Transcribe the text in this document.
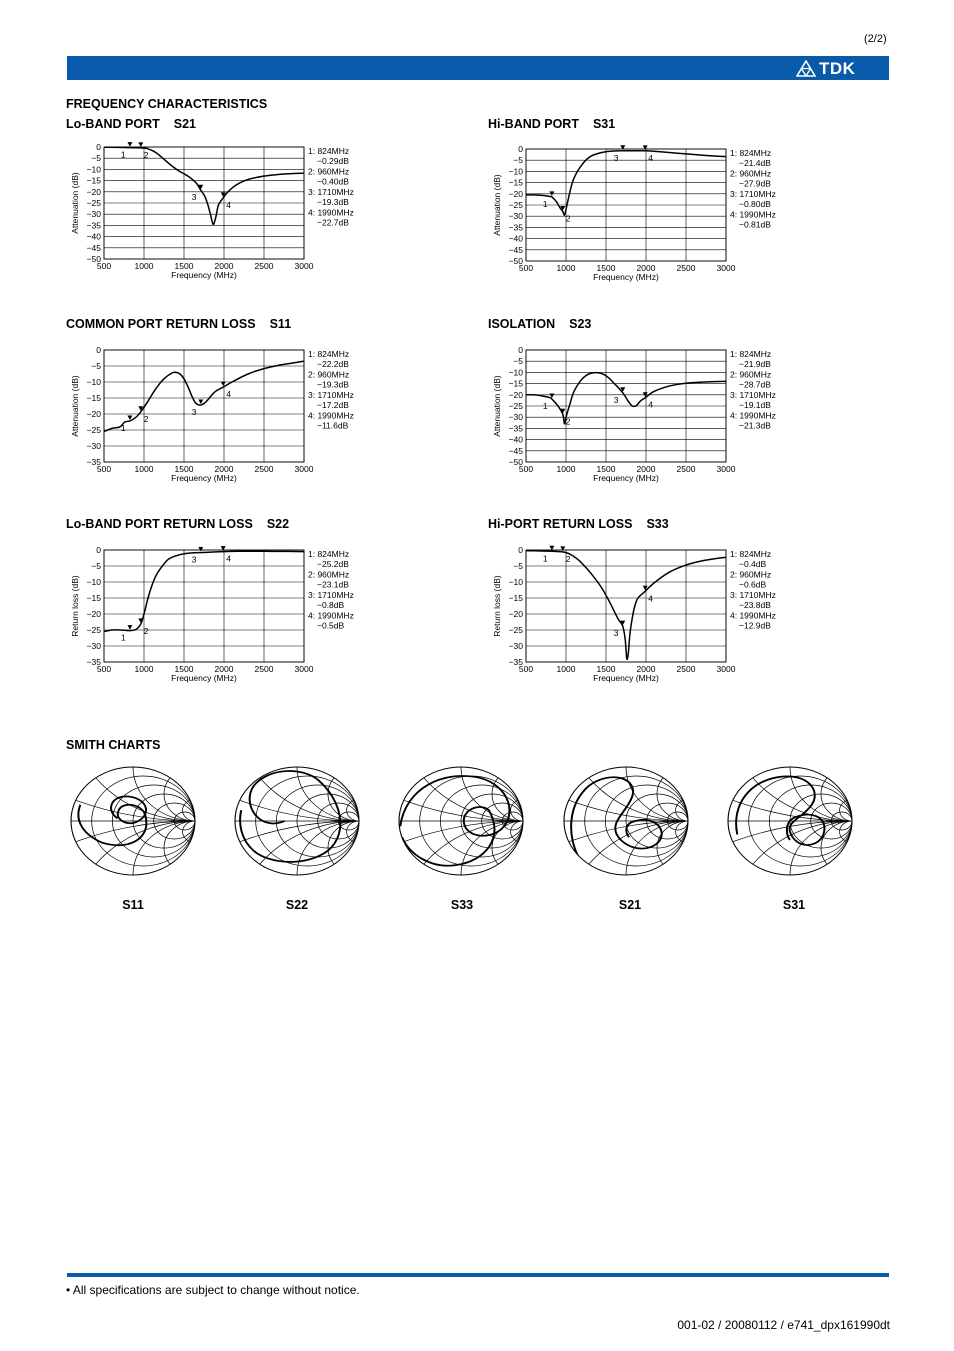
(2/2)
TDK
FREQUENCY CHARACTERISTICS
Lo-BAND PORT S21	Hi-BAND PORT S31
COMMON PORT RETURN LOSS S11	ISOLATION S23
Lo-BAND PORT RETURN LOSS S22	Hi-PORT RETURN LOSS S33
0
−5
−10
−15
−20
−25
−30
−35
−40
−45
−50
500	1000 1500 2000 2500 3000
Frequency (MHz)
Attenuation (dB)
1 2
3
4
1: 824MHz
−0.29dB
2: 960MHz
−0.40dB
3: 1710MHz
−19.3dB
4: 1990MHz
−22.7dB
0
−5
−10
−15
−20
−25
−30
−35
−40
−45
−50
500	1000 1500 2000 2500 3000
Frequency (MHz)
Attenuation (dB)	1
2
3	4	1: 824MHz
−21.4dB
2: 960MHz
−27.9dB
3: 1710MHz
−0.80dB
4: 1990MHz
−0.81dB
0
−5
−10
−15
−20
−25
−30
−35
500	1000 1500 2000 2500 3000
Frequency (MHz)
Attenuation (dB)	1
2
3
4
1: 824MHz
−22.2dB
2: 960MHz
−19.3dB
3: 1710MHz
−17.2dB
4: 1990MHz
−11.6dB
0
−5
−10
−15
−20
−25
−30
−35
−40
−45
−50
500	1000 1500 2000 2500 3000
Frequency (MHz)
Attenuation (dB)	1
2
3	4
1: 824MHz
−21.9dB
2: 960MHz
−28.7dB
3: 1710MHz
−19.1dB
4: 1990MHz
−21.3dB
0
−5
−10
−15
−20
−25
−30
−35
500	1000 1500 2000 2500 3000
Frequency (MHz)
Return loss (dB)
1
2
3	4	1: 824MHz
−25.2dB
2: 960MHz
−23.1dB
3: 1710MHz
−0.8dB
4: 1990MHz
−0.5dB
0
−5
−10
−15
−20
−25
−30
−35
500	1000 1500 2000 2500 3000
Frequency (MHz)
Return loss (dB)
1 2
3
4
1: 824MHz
−0.4dB
2: 960MHz
−0.6dB
3: 1710MHz
−23.8dB
4: 1990MHz
−12.9dB
SMITH CHARTS
S11	S22	S33	S21	S31
• All specifications are subject to change without notice.
001-02 / 20080112 / e741_dpx161990dt
